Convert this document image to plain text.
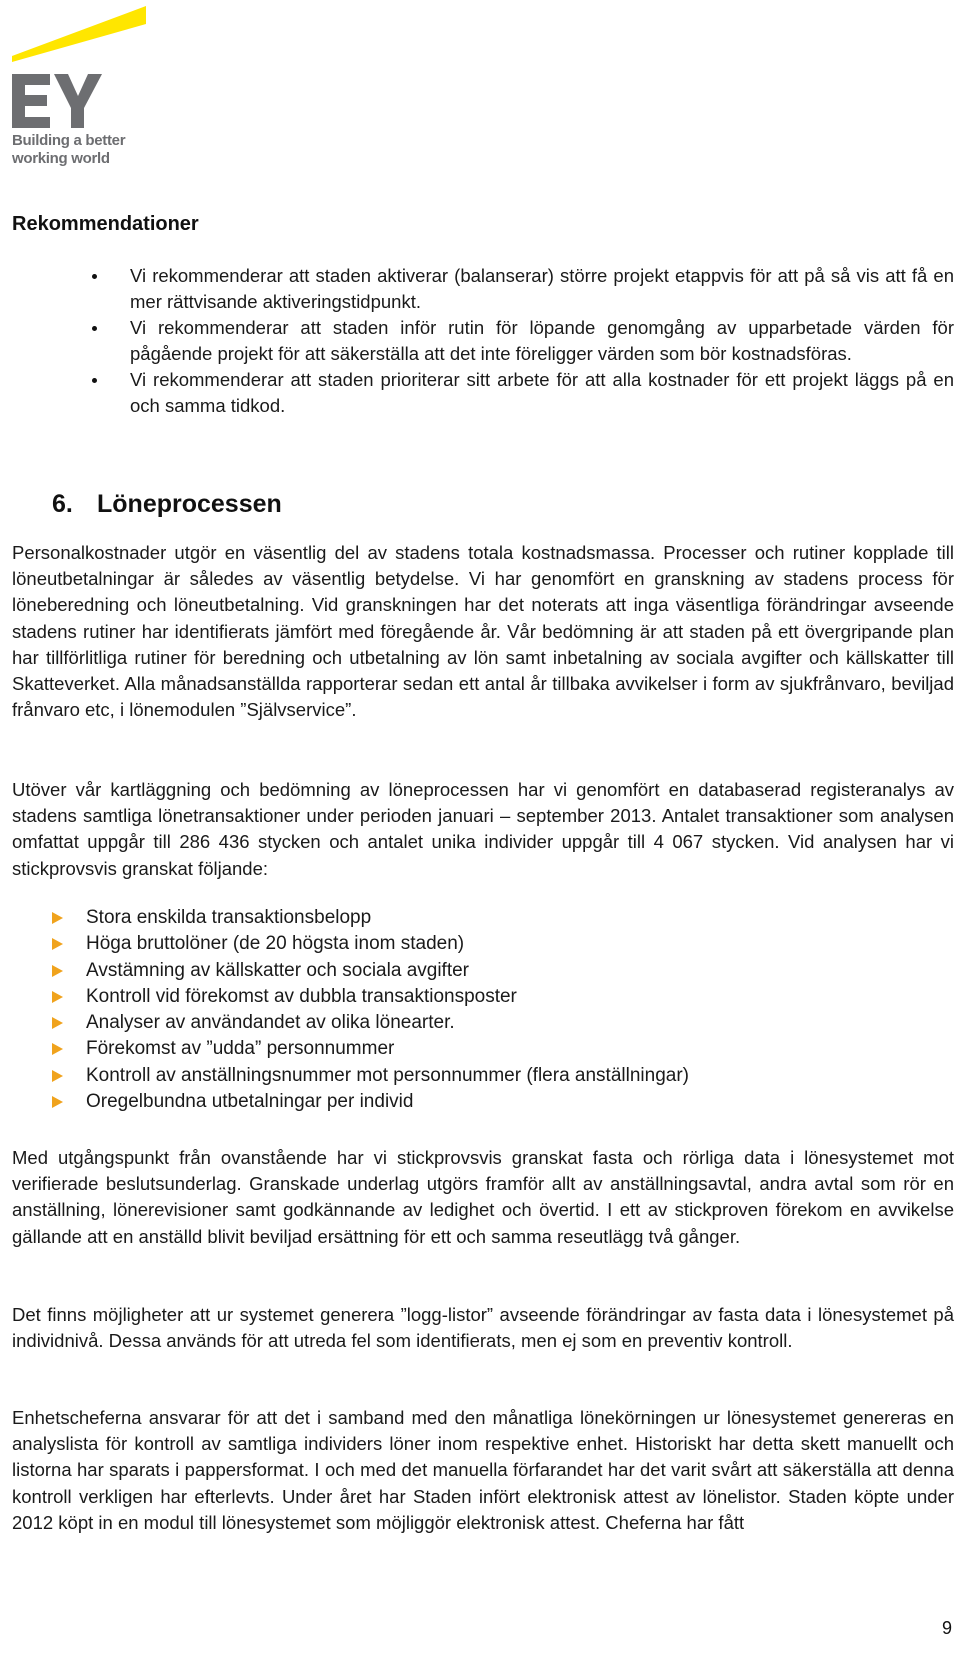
Building a better
working world
Rekommendationer
Vi rekommenderar att staden aktiverar (balanserar) större projekt etappvis för att på så vis att få en mer rättvisande aktiveringstidpunkt.
Vi rekommenderar att staden inför rutin för löpande genomgång av upparbetade värden för pågående projekt för att säkerställa att det inte föreligger värden som bör kostnadsföras.
Vi rekommenderar att staden prioriterar sitt arbete för att alla kostnader för ett projekt läggs på en och samma tidkod.
6. Löneprocessen

Personalkostnader utgör en väsentlig del av stadens totala kostnadsmassa. Processer och rutiner kopplade till löneutbetalningar är således av väsentlig betydelse. Vi har genomfört en granskning av stadens process för löneberedning och löneutbetalning. Vid granskningen har det noterats att inga väsentliga förändringar avseende stadens rutiner har identifierats jämfört med föregående år. Vår bedömning är att staden på ett övergripande plan har tillförlitliga rutiner för beredning och utbetalning av lön samt inbetalning av sociala avgifter och källskatter till Skatteverket. Alla månadsanställda rapporterar sedan ett antal år tillbaka avvikelser i form av sjukfrånvaro, beviljad frånvaro etc, i lönemodulen ”Självservice”.

Utöver vår kartläggning och bedömning av löneprocessen har vi genomfört en databaserad registeranalys av stadens samtliga lönetransaktioner under perioden januari – september 2013. Antalet transaktioner som analysen omfattat uppgår till 286 436 stycken och antalet unika individer uppgår till 4 067 stycken. Vid analysen har vi stickprovsvis granskat följande:

Stora enskilda transaktionsbelopp
Höga bruttolöner (de 20 högsta inom staden)
Avstämning av källskatter och sociala avgifter
Kontroll vid förekomst av dubbla transaktionsposter
Analyser av användandet av olika lönearter.
Förekomst av ”udda” personnummer
Kontroll av anställningsnummer mot personnummer (flera anställningar)
Oregelbundna utbetalningar per individ

Med utgångspunkt från ovanstående har vi stickprovsvis granskat fasta och rörliga data i lönesystemet mot verifierade beslutsunderlag. Granskade underlag utgörs framför allt av anställningsavtal, andra avtal som rör en anställning, lönerevisioner samt godkännande av ledighet och övertid. I ett av stickproven förekom en avvikelse gällande att en anställd blivit beviljad ersättning för ett och samma reseutlägg två gånger.

Det finns möjligheter att ur systemet generera ”logg-listor” avseende förändringar av fasta data i lönesystemet på individnivå. Dessa används för att utreda fel som identifierats, men ej som en preventiv kontroll.

Enhetscheferna ansvarar för att det i samband med den månatliga lönekörningen ur lönesystemet genereras en analyslista för kontroll av samtliga individers löner inom respektive enhet. Historiskt har detta skett manuellt och listorna har sparats i pappersformat. I och med det manuella förfarandet har det varit svårt att säkerställa att denna kontroll verkligen har efterlevts. Under året har Staden infört elektronisk attest av lönelistor. Staden köpte under 2012 köpt in en modul till lönesystemet som möjliggör elektronisk attest. Cheferna har fått

9
